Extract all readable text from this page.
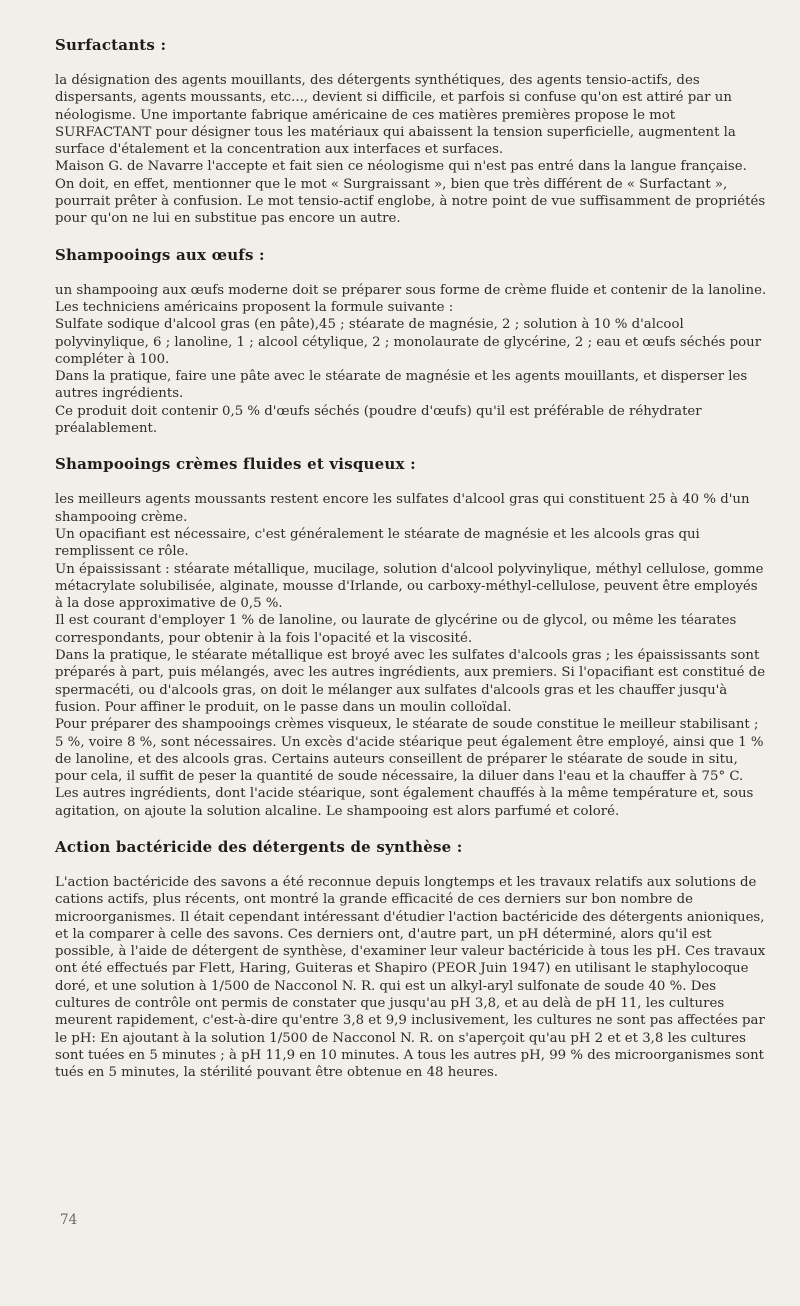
Surfactants :

la désignation des agents mouillants, des détergents synthétiques, des agents tensio-actifs, des dispersants, agents moussants, etc..., devient si difficile, et parfois si confuse qu'on est attiré par un néologisme. Une importante fabrique américaine de ces matières premières propose le mot SURFACTANT pour désigner tous les matériaux qui abaissent la tension superficielle, augmentent la surface d'étalement et la concentration aux interfaces et surfaces.

Maison G. de Navarre l'accepte et fait sien ce néologisme qui n'est pas entré dans la langue française. On doit, en effet, mentionner que le mot « Surgraissant », bien que très différent de « Surfactant », pourrait prêter à confusion. Le mot tensio-actif englobe, à notre point de vue suffisamment de propriétés pour qu'on ne lui en substitue pas encore un autre.

Shampooings aux œufs :

un shampooing aux œufs moderne doit se préparer sous forme de crème fluide et contenir de la lanoline. Les techniciens américains proposent la formule suivante :

Sulfate sodique d'alcool gras (en pâte),45 ; stéarate de magnésie, 2 ; solution à 10 % d'alcool polyvinylique, 6 ; lanoline, 1 ; alcool cétylique, 2 ; monolaurate de glycérine, 2 ; eau et œufs séchés pour compléter à 100.

Dans la pratique, faire une pâte avec le stéarate de magnésie et les agents mouillants, et disperser les autres ingrédients.

Ce produit doit contenir 0,5 % d'œufs séchés (poudre d'œufs) qu'il est préférable de réhydrater préalablement.

Shampooings crèmes fluides et visqueux :

les meilleurs agents moussants restent encore les sulfates d'alcool gras qui constituent 25 à 40 % d'un shampooing crème.

Un opacifiant est nécessaire, c'est généralement le stéarate de magnésie et les alcools gras qui remplissent ce rôle.

Un épaississant : stéarate métallique, mucilage, solution d'alcool polyvinylique, méthyl cellulose, gomme métacrylate solubilisée, alginate, mousse d'Irlande, ou carboxy-méthyl-cellulose, peuvent être employés à la dose approximative de 0,5 %.

Il est courant d'employer 1 % de lanoline, ou laurate de glycérine ou de glycol, ou même les téarates correspondants, pour obtenir à la fois l'opacité et la viscosité.

Dans la pratique, le stéarate métallique est broyé avec les sulfates d'alcools gras ; les épaississants sont préparés à part, puis mélangés, avec les autres ingrédients, aux premiers. Si l'opacifiant est constitué de spermacéti, ou d'alcools gras, on doit le mélanger aux sulfates d'alcools gras et les chauffer jusqu'à fusion. Pour affiner le produit, on le passe dans un moulin colloïdal.

Pour préparer des shampooings crèmes visqueux, le stéarate de soude constitue le meilleur stabilisant ; 5 %, voire 8 %, sont nécessaires. Un excès d'acide stéarique peut également être employé, ainsi que 1 % de lanoline, et des alcools gras. Certains auteurs conseillent de préparer le stéarate de soude in situ, pour cela, il suffit de peser la quantité de soude nécessaire, la diluer dans l'eau et la chauffer à 75° C. Les autres ingrédients, dont l'acide stéarique, sont également chauffés à la même température et, sous agitation, on ajoute la solution alcaline. Le shampooing est alors parfumé et coloré.

Action bactéricide des détergents de synthèse :

L'action bactéricide des savons a été reconnue depuis longtemps et les travaux relatifs aux solutions de cations actifs, plus récents, ont montré la grande efficacité de ces derniers sur bon nombre de microorganismes. Il était cependant intéressant d'étudier l'action bactéricide des détergents anioniques, et la comparer à celle des savons. Ces derniers ont, d'autre part, un pH déterminé, alors qu'il est possible, à l'aide de détergent de synthèse, d'examiner leur valeur bactéricide à tous les pH. Ces travaux ont été effectués par Flett, Haring, Guiteras et Shapiro (PEOR Juin 1947) en utilisant le staphylocoque doré, et une solution à 1/500 de Nacconol N. R. qui est un alkyl-aryl sulfonate de soude 40 %. Des cultures de contrôle ont permis de constater que jusqu'au pH 3,8, et au delà de pH 11, les cultures meurent rapidement, c'est-à-dire qu'entre 3,8 et 9,9 inclusivement, les cultures ne sont pas affectées par le pH: En ajoutant à la solution 1/500 de Nacconol N. R. on s'aperçoit qu'au pH 2 et et 3,8 les cultures sont tuées en 5 minutes ; à pH 11,9 en 10 minutes. A tous les autres pH, 99 % des microorganismes sont tués en 5 minutes, la stérilité pouvant être obtenue en 48 heures.

74
